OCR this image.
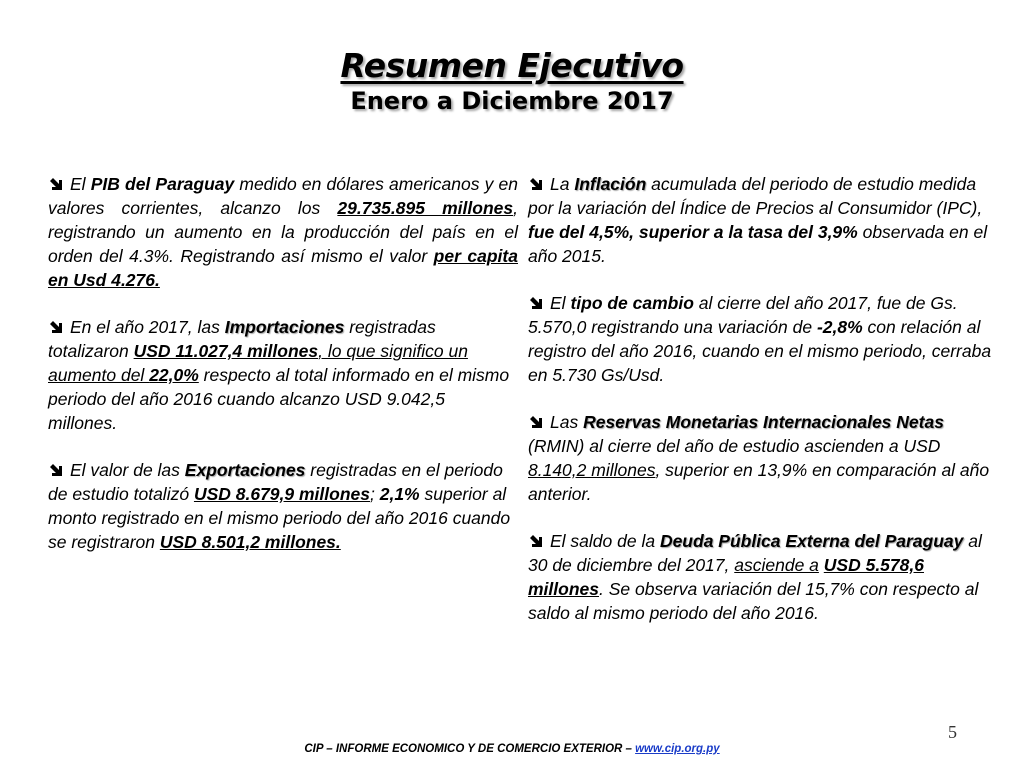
Resumen Ejecutivo
Enero a Diciembre 2017

El PIB del Paraguay medido en dólares americanos y en valores corrientes, alcanzo los 29.735.895 millones, registrando un aumento en la producción del país en el orden del 4.3%. Registrando así mismo el valor per capita en Usd 4.276.

En el año 2017, las Importaciones registradas totalizaron USD 11.027,4 millones, lo que significo un aumento del 22,0% respecto al total informado en el mismo periodo del año 2016 cuando alcanzo USD 9.042,5 millones.

El valor de las Exportaciones registradas en el periodo de estudio totalizó USD 8.679,9 millones; 2,1% superior al monto registrado en el mismo periodo del año 2016 cuando se registraron USD 8.501,2 millones.

La Inflación acumulada del periodo de estudio medida por la variación del Índice de Precios al Consumidor (IPC), fue del 4,5%, superior a la tasa del 3,9% observada en el año 2015.

El tipo de cambio al cierre del año 2017, fue de Gs. 5.570,0 registrando una variación de -2,8% con relación al registro del año 2016, cuando en el mismo periodo, cerraba en 5.730 Gs/Usd.

Las Reservas Monetarias Internacionales Netas (RMIN) al cierre del año de estudio ascienden a USD 8.140,2 millones, superior en 13,9% en comparación al año anterior.

El saldo de la Deuda Pública Externa del Paraguay al 30 de diciembre del 2017, asciende a USD 5.578,6 millones. Se observa variación del 15,7% con respecto al saldo al mismo periodo del año 2016.

5
CIP – INFORME ECONOMICO Y DE COMERCIO EXTERIOR – www.cip.org.py
